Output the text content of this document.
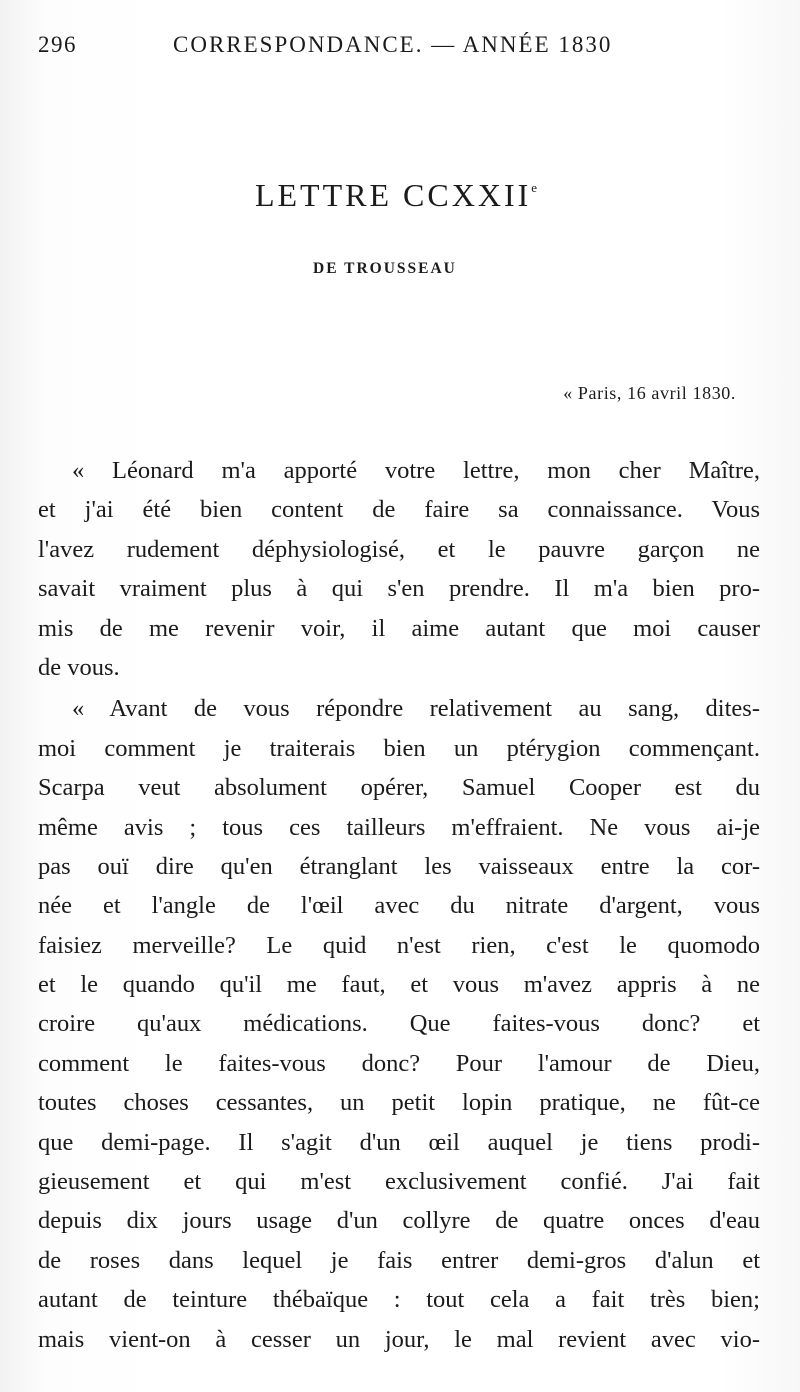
296	CORRESPONDANCE. — ANNÉE 1830
LETTRE CCXXIIe
DE TROUSSEAU
« Paris, 16 avril 1830.
« Léonard m'a apporté votre lettre, mon cher Maître,
et j'ai été bien content de faire sa connaissance. Vous
l'avez rudement déphysiologisé, et le pauvre garçon ne
savait vraiment plus à qui s'en prendre. Il m'a bien pro-
mis de me revenir voir, il aime autant que moi causer
de vous.
« Avant de vous répondre relativement au sang, dites-
moi comment je traiterais bien un ptérygion commençant.
Scarpa veut absolument opérer, Samuel Cooper est du
même avis ; tous ces tailleurs m'effraient. Ne vous ai-je
pas ouï dire qu'en étranglant les vaisseaux entre la cor-
née et l'angle de l'œil avec du nitrate d'argent, vous
faisiez merveille? Le quid n'est rien, c'est le quomodo
et le quando qu'il me faut, et vous m'avez appris à ne
croire qu'aux médications. Que faites-vous donc? et
comment le faites-vous donc? Pour l'amour de Dieu,
toutes choses cessantes, un petit lopin pratique, ne fût-ce
que demi-page. Il s'agit d'un œil auquel je tiens prodi-
gieusement et qui m'est exclusivement confié. J'ai fait
depuis dix jours usage d'un collyre de quatre onces d'eau
de roses dans lequel je fais entrer demi-gros d'alun et
autant de teinture thébaïque : tout cela a fait très bien;
mais vient-on à cesser un jour, le mal revient avec vio-
